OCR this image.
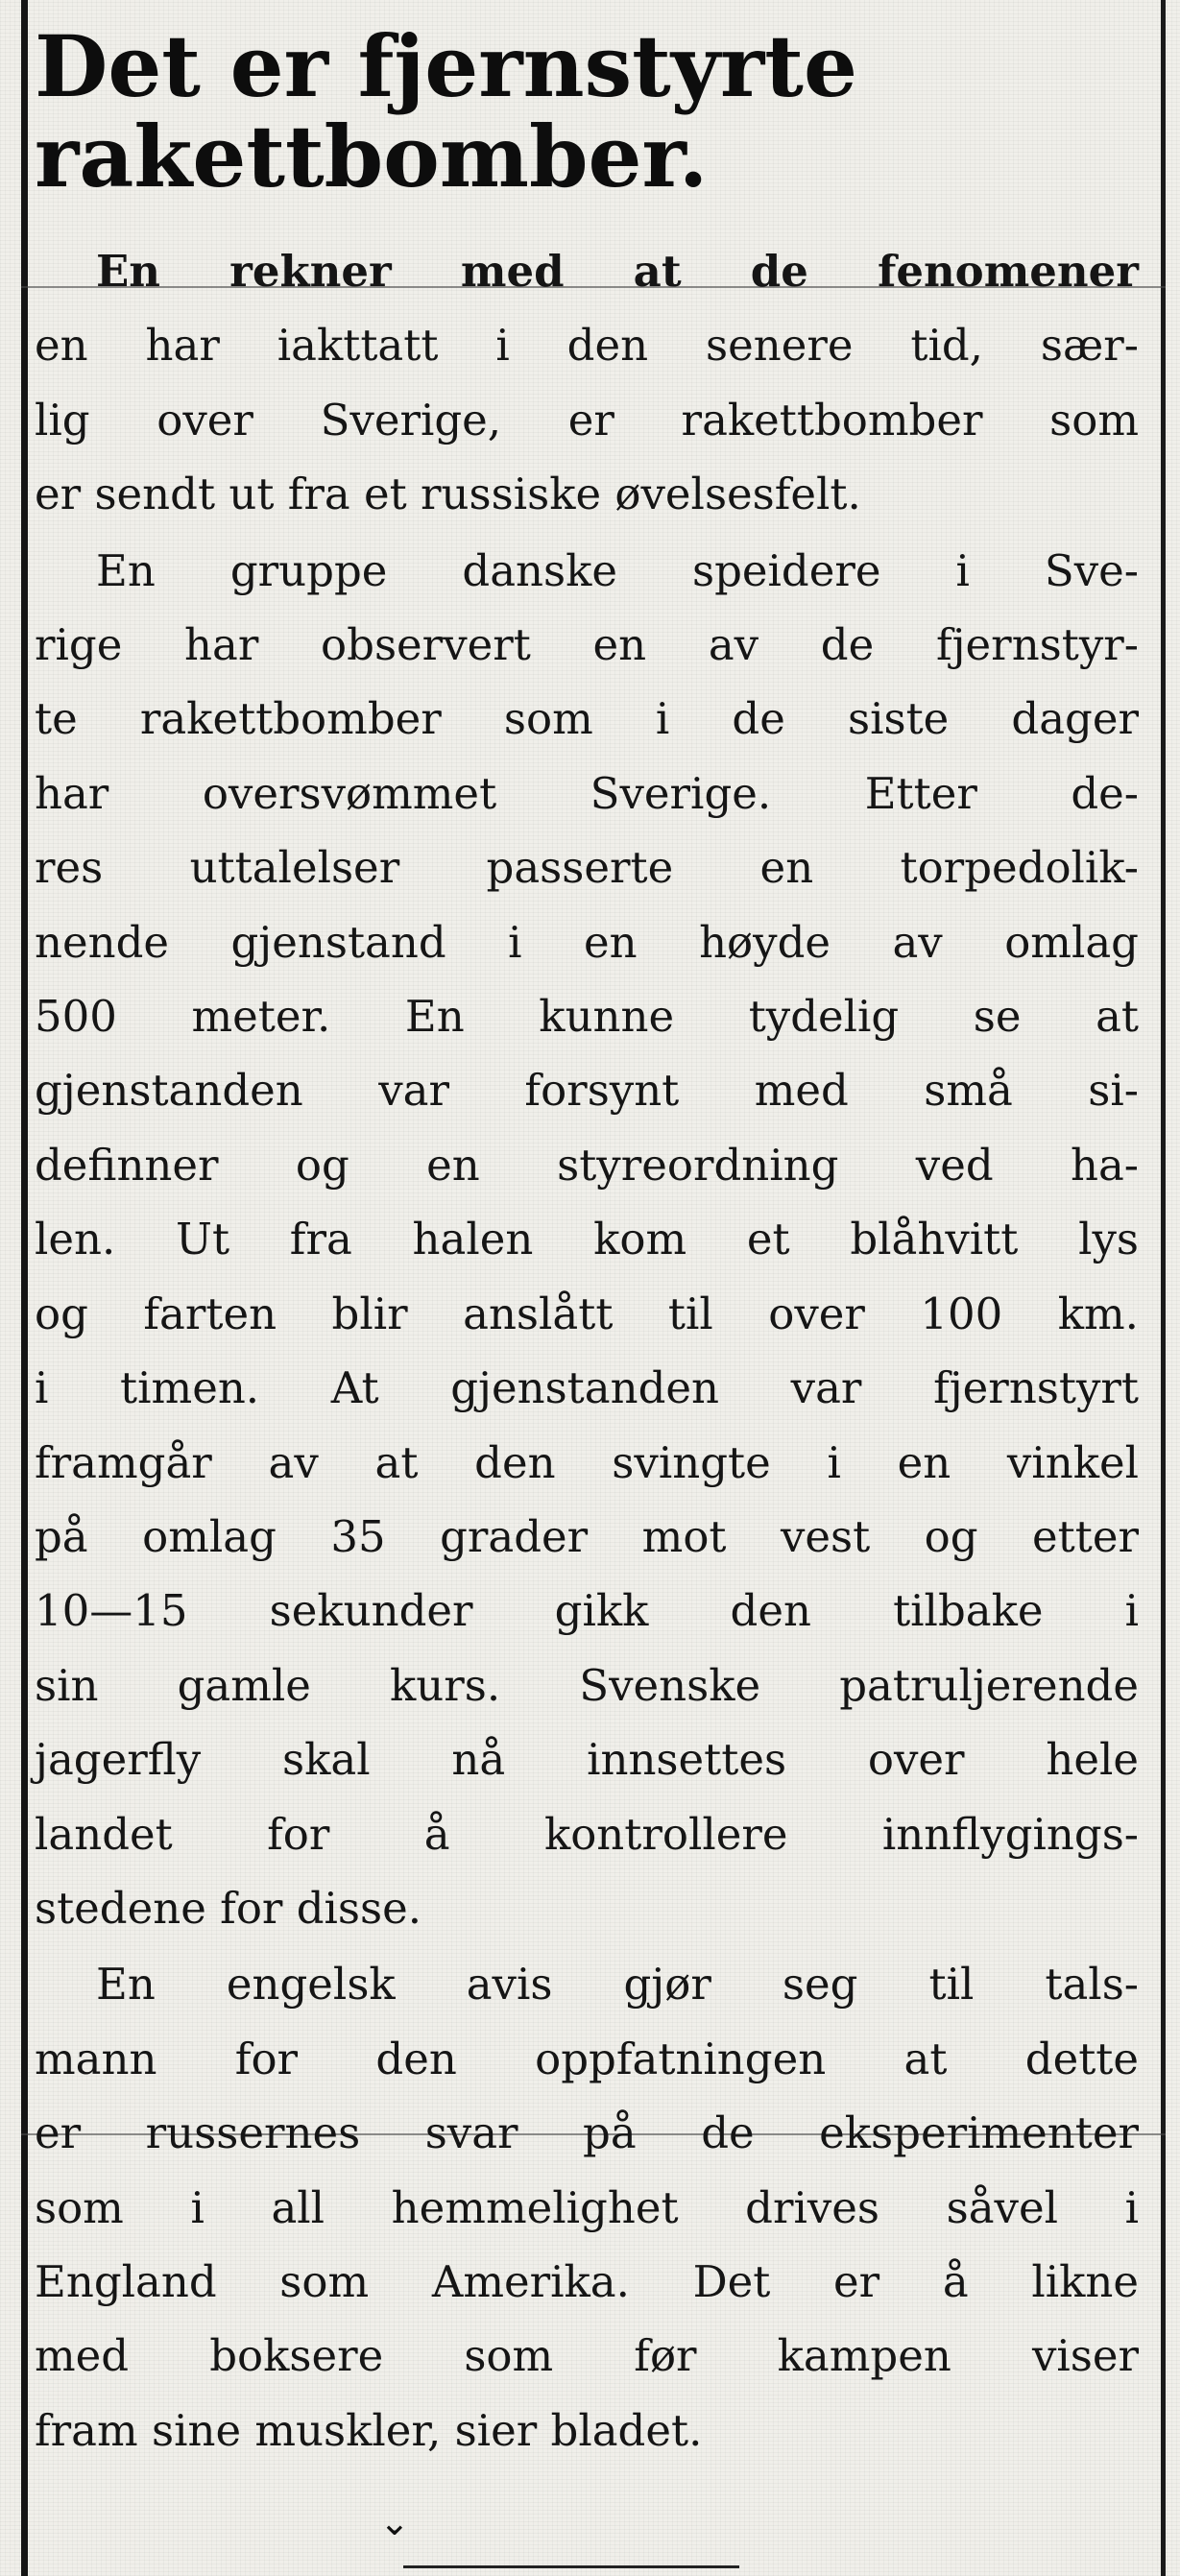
Det er fjernstyrte
rakettbomber.
En rekner med at de fenomener
en har iakttatt i den senere tid, sær-
lig over Sverige, er rakettbomber som
er sendt ut fra et russiske øvelsesfelt.
En gruppe danske speidere i Sve-
rige har observert en av de fjernstyr-
te rakettbomber som i de siste dager
har oversvømmet Sverige. Etter de-
res uttalelser passerte en torpedolik-
nende gjenstand i en høyde av omlag
500 meter. En kunne tydelig se at
gjenstanden var forsynt med små si-
definner og en styreordning ved ha-
len. Ut fra halen kom et blåhvitt lys
og farten blir anslått til over 100 km.
i timen. At gjenstanden var fjernstyrt
framgår av at den svingte i en vinkel
på omlag 35 grader mot vest og etter
10—15 sekunder gikk den tilbake i
sin gamle kurs. Svenske patruljerende
jagerfly skal nå innsettes over hele
landet for å kontrollere innflygings-
stedene for disse.
En engelsk avis gjør seg til tals-
mann for den oppfatningen at dette
er russernes svar på de eksperimenter
som i all hemmelighet drives såvel i
England som Amerika. Det er å likne
med boksere som før kampen viser
fram sine muskler, sier bladet.
⌄
